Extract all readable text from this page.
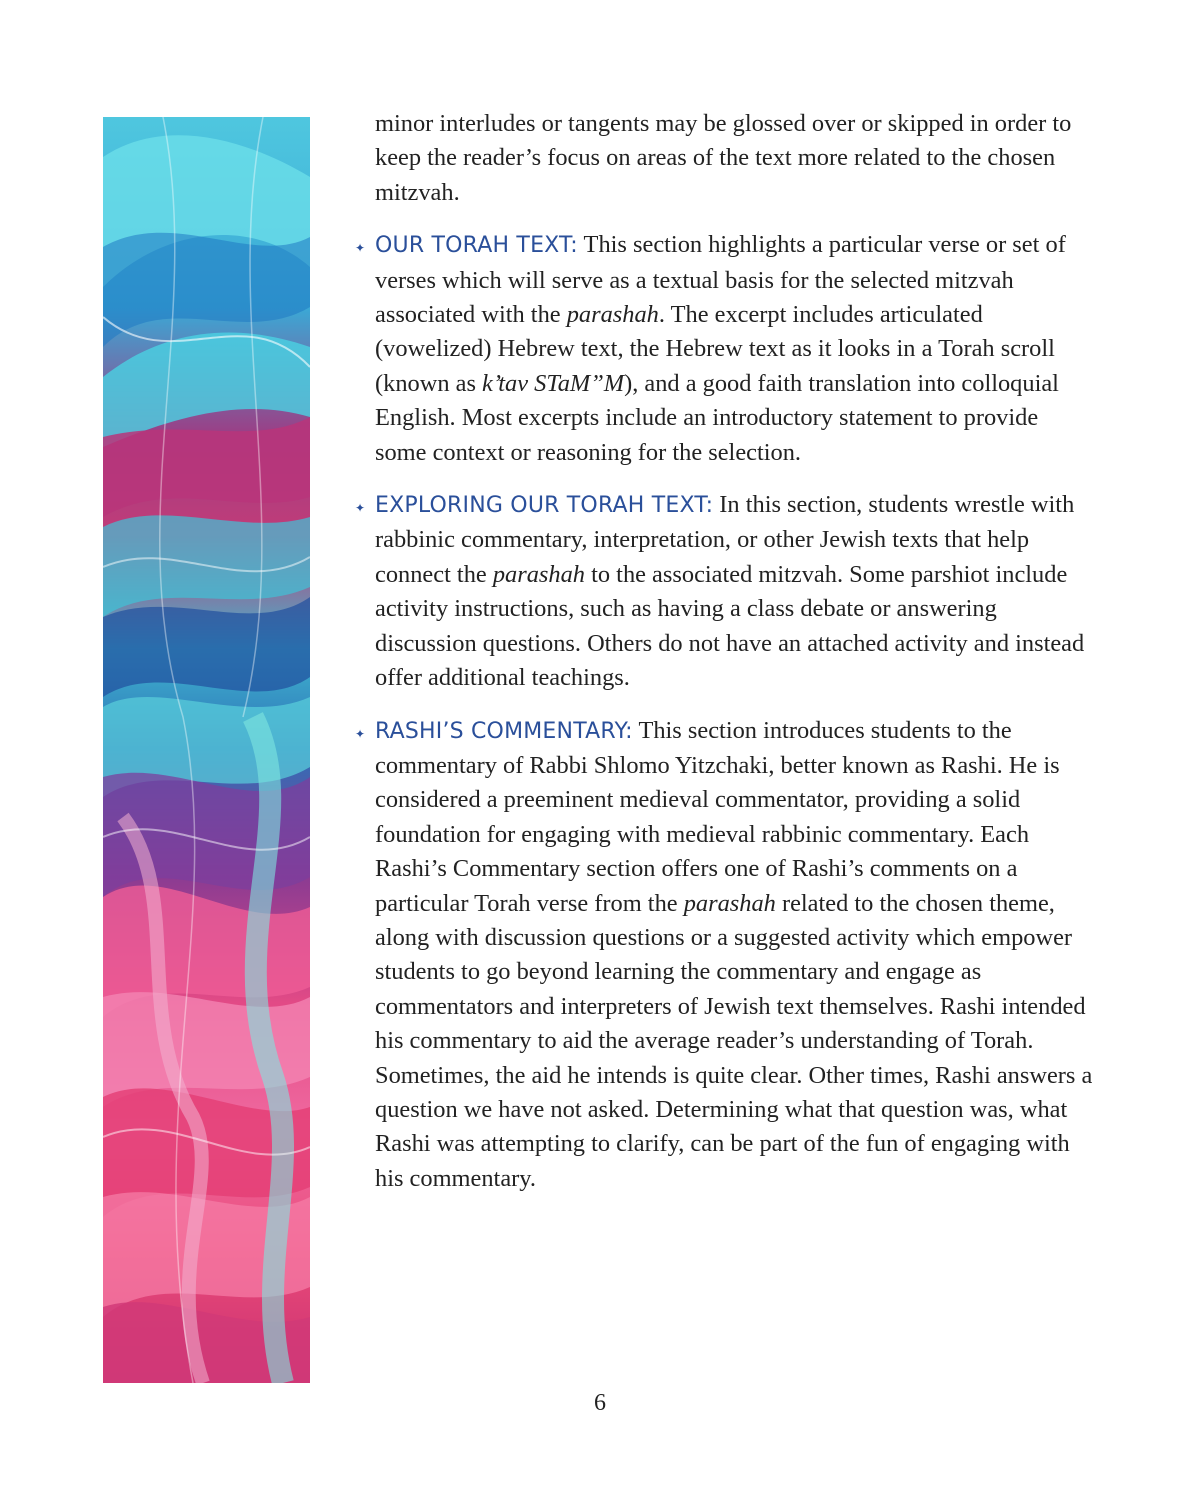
minor interludes or tangents may be glossed over or skipped in order to keep the reader’s focus on areas of the text more related to the chosen mitzvah.

✦ OUR TORAH TEXT: This section highlights a particular verse or set of verses which will serve as a textual basis for the selected mitzvah associated with the parashah. The excerpt includes articulated (vowelized) Hebrew text, the Hebrew text as it looks in a Torah scroll (known as k’tav STaM”M), and a good faith translation into colloquial English. Most excerpts include an introductory statement to provide some context or reasoning for the selection.

✦ EXPLORING OUR TORAH TEXT: In this section, students wrestle with rabbinic commentary, interpretation, or other Jewish texts that help connect the parashah to the associated mitzvah. Some parshiot include activity instructions, such as having a class debate or answering discussion questions. Others do not have an attached activity and instead offer additional teachings.

✦ RASHI’S COMMENTARY: This section introduces students to the commentary of Rabbi Shlomo Yitzchaki, better known as Rashi. He is considered a preeminent medieval commentator, providing a solid foundation for engaging with medieval rabbinic commentary. Each Rashi’s Commentary section offers one of Rashi’s comments on a particular Torah verse from the parashah related to the chosen theme, along with discussion questions or a suggested activity which empower students to go beyond learning the commentary and engage as commentators and interpreters of Jewish text themselves. Rashi intended his commentary to aid the average reader’s understanding of Torah. Sometimes, the aid he intends is quite clear. Other times, Rashi answers a question we have not asked. Determining what that question was, what Rashi was attempting to clarify, can be part of the fun of engaging with his commentary.

6
